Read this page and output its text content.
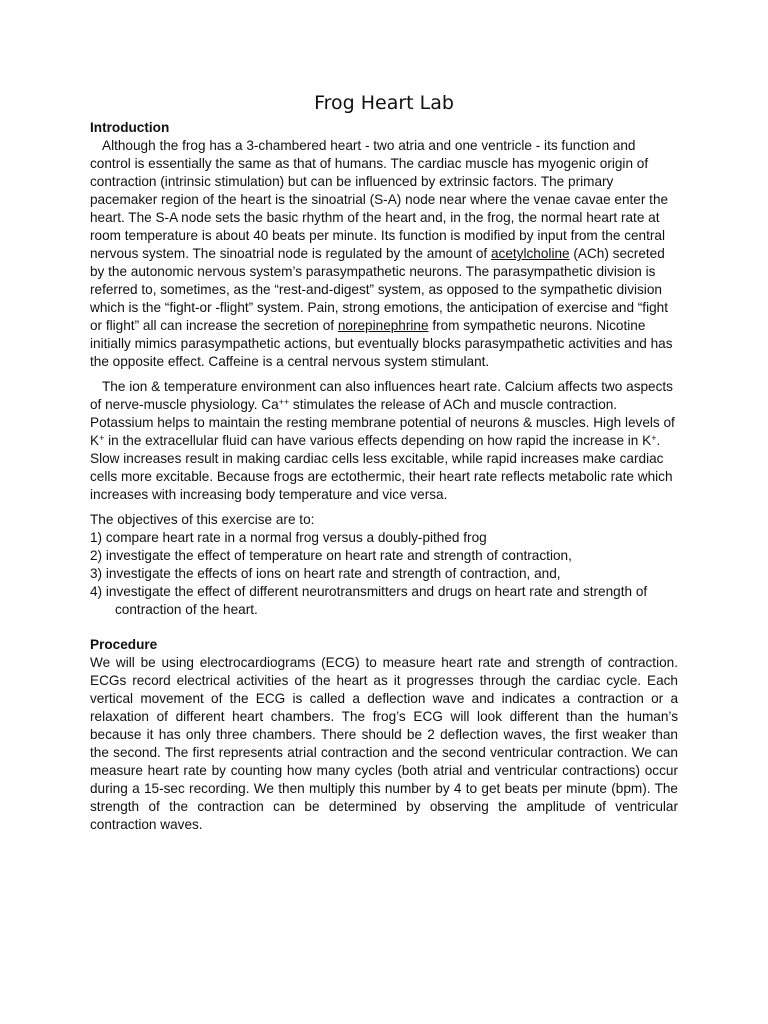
Frog Heart Lab
Introduction

Although the frog has a 3-chambered heart - two atria and one ventricle - its function and control is essentially the same as that of humans. The cardiac muscle has myogenic origin of contraction (intrinsic stimulation) but can be influenced by extrinsic factors. The primary pacemaker region of the heart is the sinoatrial (S-A) node near where the venae cavae enter the heart. The S-A node sets the basic rhythm of the heart and, in the frog, the normal heart rate at room temperature is about 40 beats per minute. Its function is modified by input from the central nervous system. The sinoatrial node is regulated by the amount of acetylcholine (ACh) secreted by the autonomic nervous system’s parasympathetic neurons. The parasympathetic division is referred to, sometimes, as the “rest-and-digest” system, as opposed to the sympathetic division which is the “fight-or -flight” system. Pain, strong emotions, the anticipation of exercise and “fight or flight” all can increase the secretion of norepinephrine from sympathetic neurons. Nicotine initially mimics parasympathetic actions, but eventually blocks parasympathetic activities and has the opposite effect. Caffeine is a central nervous system stimulant.

The ion & temperature environment can also influences heart rate. Calcium affects two aspects of nerve-muscle physiology. Ca++ stimulates the release of ACh and muscle contraction. Potassium helps to maintain the resting membrane potential of neurons & muscles. High levels of K+ in the extracellular fluid can have various effects depending on how rapid the increase in K+. Slow increases result in making cardiac cells less excitable, while rapid increases make cardiac cells more excitable. Because frogs are ectothermic, their heart rate reflects metabolic rate which increases with increasing body temperature and vice versa.

The objectives of this exercise are to:

1) compare heart rate in a normal frog versus a doubly-pithed frog
2) investigate the effect of temperature on heart rate and strength of contraction,
3) investigate the effects of ions on heart rate and strength of contraction, and,
4) investigate the effect of different neurotransmitters and drugs on heart rate and strength of contraction of the heart.
Procedure

We will be using electrocardiograms (ECG) to measure heart rate and strength of contraction. ECGs record electrical activities of the heart as it progresses through the cardiac cycle. Each vertical movement of the ECG is called a deflection wave and indicates a contraction or a relaxation of different heart chambers. The frog’s ECG will look different than the human’s because it has only three chambers. There should be 2 deflection waves, the first weaker than the second. The first represents atrial contraction and the second ventricular contraction. We can measure heart rate by counting how many cycles (both atrial and ventricular contractions) occur during a 15-sec recording. We then multiply this number by 4 to get beats per minute (bpm). The strength of the contraction can be determined by observing the amplitude of ventricular contraction waves.
